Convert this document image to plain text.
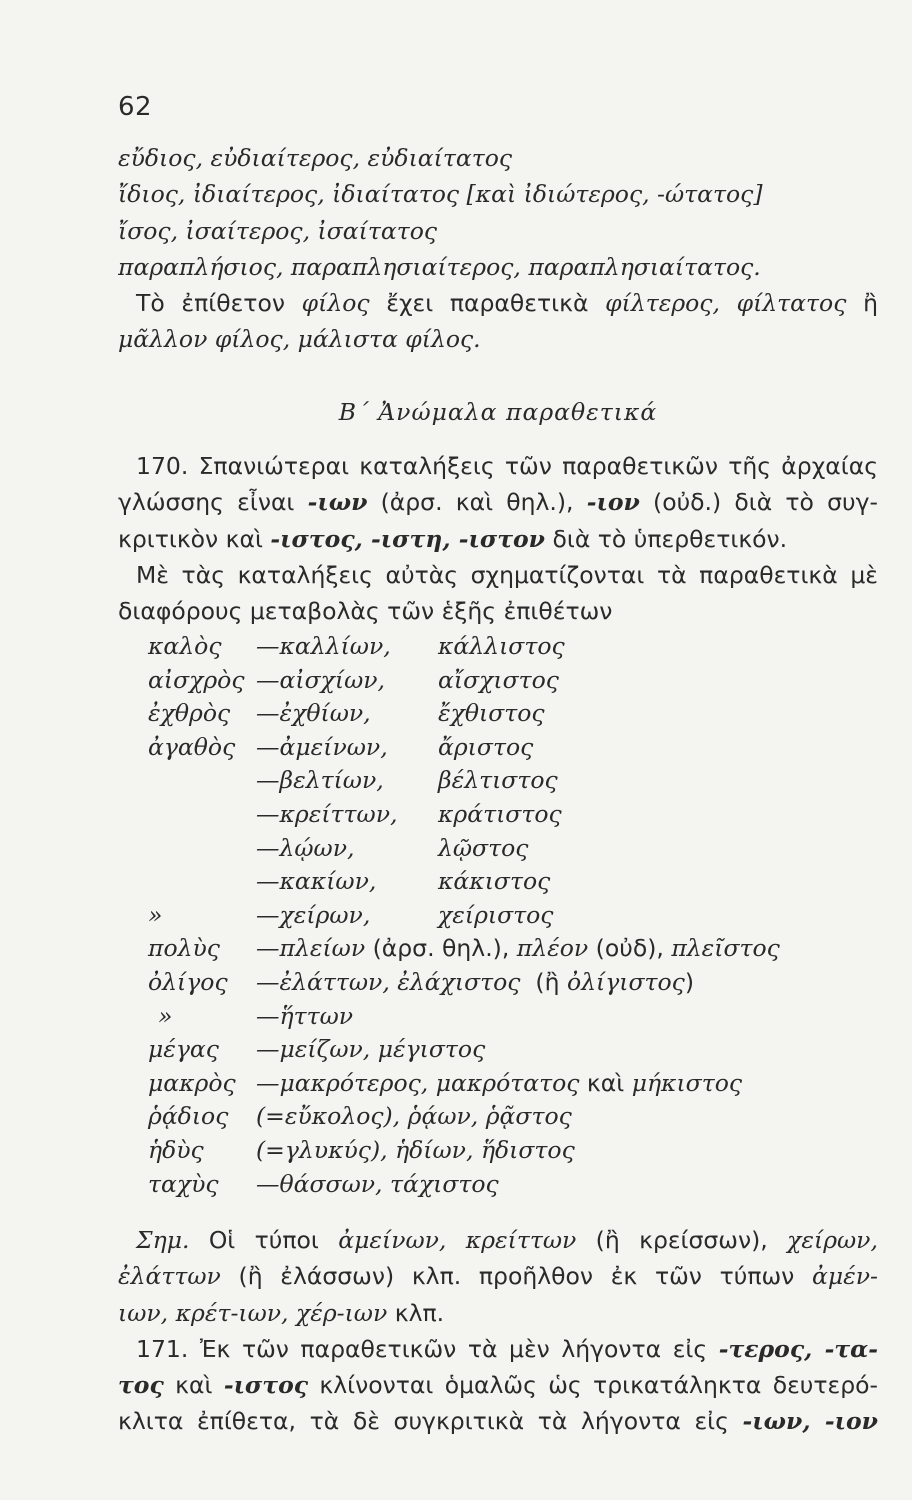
62
εὔδιος, εὐδιαίτερος, εὐδιαίτατος
ἴδιος, ἰδιαίτερος, ἰδιαίτατος [καὶ ἰδιώτερος, -ώτατος]
ἴσος, ἰσαίτερος, ἰσαίτατος
παραπλήσιος, παραπλησιαίτερος, παραπλησιαίτατος.
Τὸ ἐπίθετον φίλος ἔχει παραθετικὰ φίλτερος, φίλτατος ἢ
μᾶλλον φίλος, μάλιστα φίλος.
Β΄ Ἀνώμαλα παραθετικά
170. Σπανιώτεραι καταλήξεις τῶν παραθετικῶν τῆς ἀρχαίας
γλώσσης εἶναι -ιων (ἀρσ. καὶ θηλ.), -ιον (οὐδ.) διὰ τὸ συγ-
κριτικὸν καὶ -ιστος, -ιστη, -ιστον διὰ τὸ ὑπερθετικόν.
Μὲ τὰς καταλήξεις αὐτὰς σχηματίζονται τὰ παραθετικὰ μὲ
διαφόρους μεταβολὰς τῶν ἑξῆς ἐπιθέτων
καλὸς —καλλίων, κάλλιστος
αἰσχρὸς —αἰσχίων, αἴσχιστος
ἐχθρὸς —ἐχθίων,	ἔχθιστος
ἀγαθὸς —ἀμείνων, ἄριστος
—βελτίων, βέλτιστος
—κρείττων, κράτιστος
—λῴων,	λῷστος
—κακίων,	κάκιστος
»	—χείρων,	χείριστος
πολὺς —πλείων (ἀρσ. θηλ.), πλέον (οὐδ), πλεῖστος
ὀλίγος —ἐλάττων, ἐλάχιστος (ἢ ὀλίγιστος)
»	—ἥττων
μέγας —μείζων, μέγιστος
μακρὸς —μακρότερος, μακρότατος καὶ μήκιστος
ῥᾴδιος (=εὔκολος), ῥᾴων, ῥᾷστος
ἡδὺς (=γλυκύς), ἡδίων, ἥδιστος
ταχὺς —θάσσων, τάχιστος
Σημ. Οἱ τύποι ἀμείνων, κρείττων (ἢ κρείσσων), χείρων,
ἐλάττων (ἢ ἐλάσσων) κλπ. προῆλθον ἐκ τῶν τύπων ἀμέν-
ιων, κρέτ-ιων, χέρ-ιων κλπ.
171. Ἐκ τῶν παραθετικῶν τὰ μὲν λήγοντα εἰς -τερος, -τα-
τος καὶ -ιστος κλίνονται ὁμαλῶς ὡς τρικατάληκτα δευτερό-
κλιτα ἐπίθετα, τὰ δὲ συγκριτικὰ τὰ λήγοντα εἰς -ιων, -ιον
